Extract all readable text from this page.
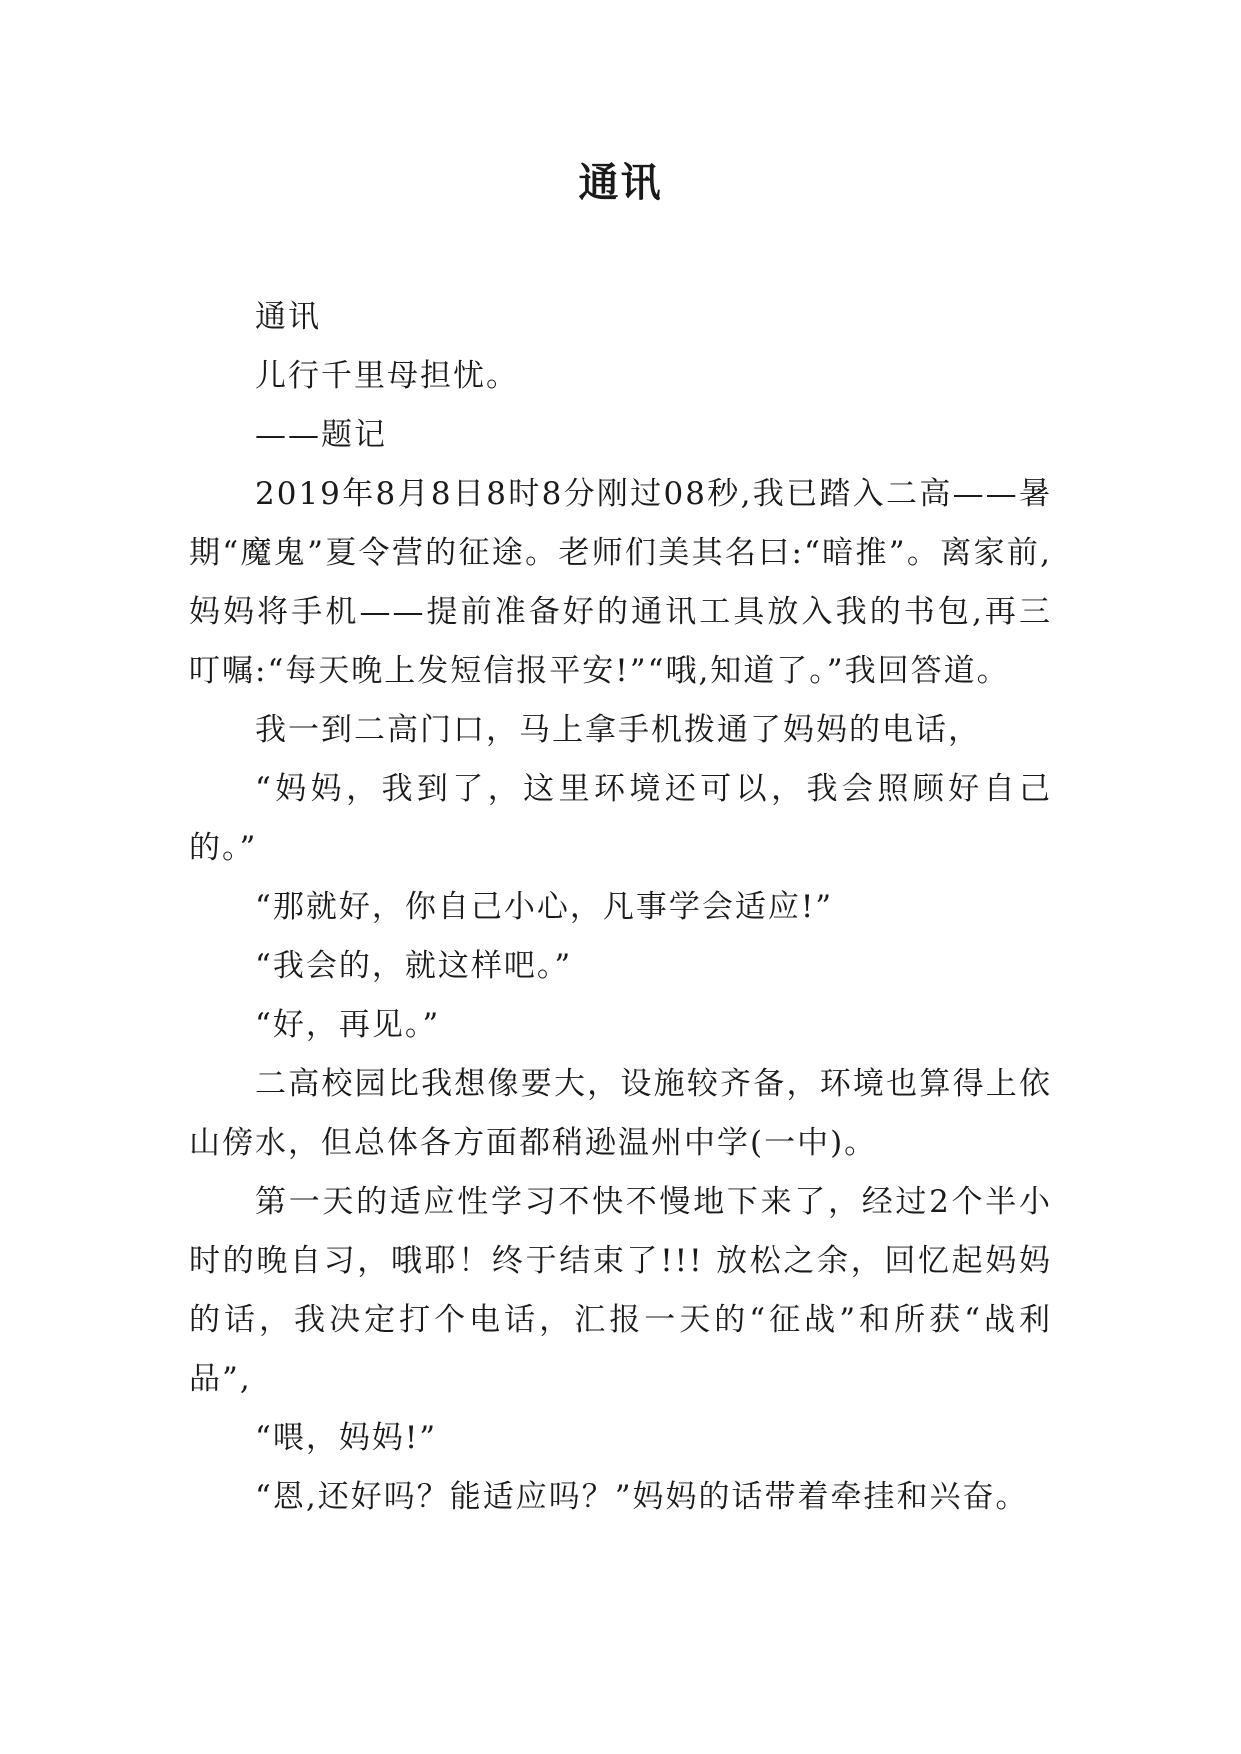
通讯

通讯

儿行千里母担忧。

——题记

2019年8月8日8时8分刚过08秒,我已踏入二高——暑期“魔鬼”夏令营的征途。老师们美其名曰:“暗推”。离家前,妈妈将手机——提前准备好的通讯工具放入我的书包,再三叮嘱:“每天晚上发短信报平安!”“哦,知道了。”我回答道。

我一到二高门口，马上拿手机拨通了妈妈的电话，

“妈妈，我到了，这里环境还可以，我会照顾好自己的。”

“那就好，你自己小心，凡事学会适应!”

“我会的，就这样吧。”

“好，再见。”

二高校园比我想像要大，设施较齐备，环境也算得上依山傍水，但总体各方面都稍逊温州中学(一中)。

第一天的适应性学习不快不慢地下来了，经过2个半小时的晚自习，哦耶！终于结束了!!! 放松之余，回忆起妈妈的话，我决定打个电话，汇报一天的“征战”和所获“战利品”,

“喂，妈妈!”

“恩,还好吗？能适应吗？”妈妈的话带着牵挂和兴奋。
